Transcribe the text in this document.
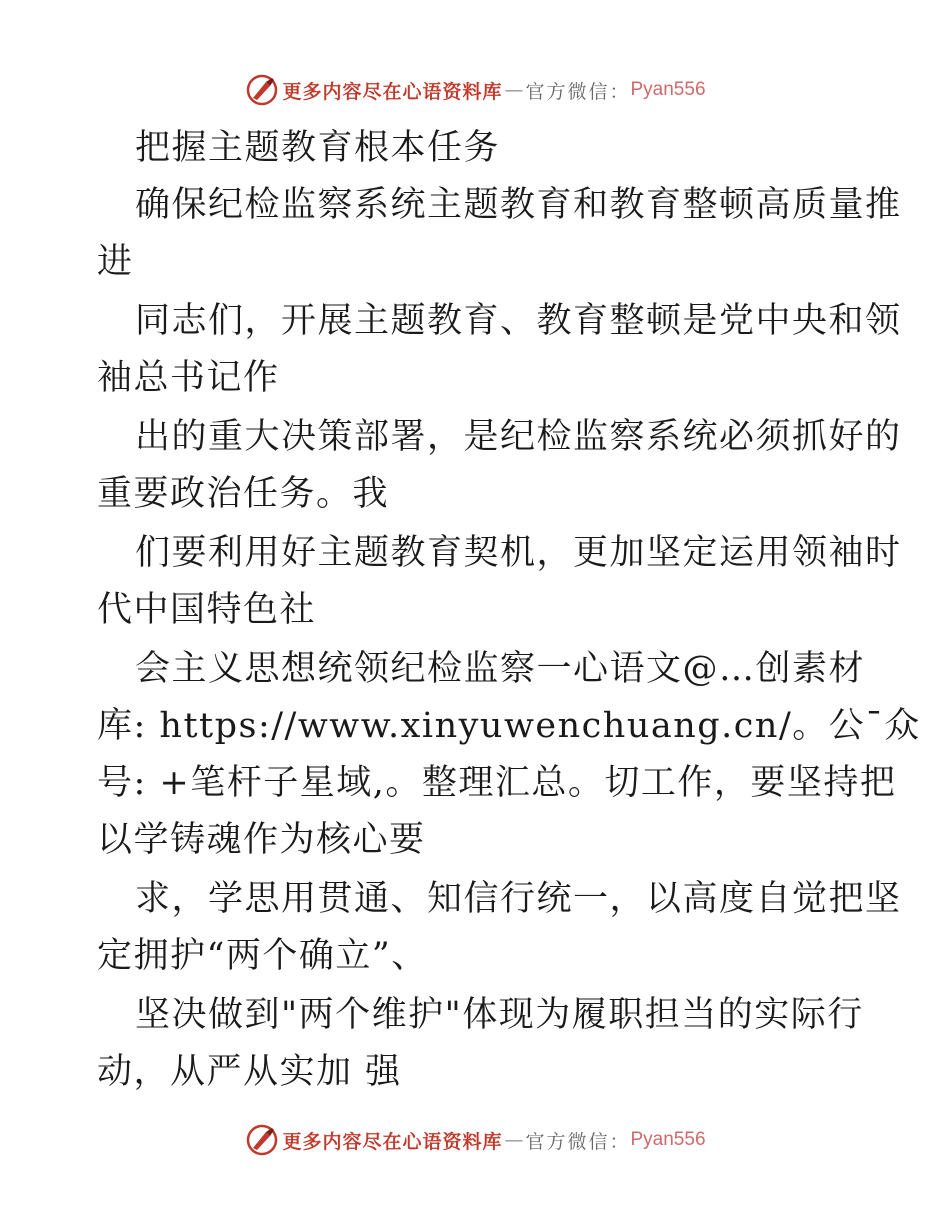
更多内容尽在心语资料库 — 官方微信： Pyan556
把握主题教育根本任务
确保纪检监察系统主题教育和教育整顿高质量推
进
同志们，开展主题教育、教育整顿是党中央和领
袖总书记作
出的重大决策部署，是纪检监察系统必须抓好的
重要政治任务。我
们要利用好主题教育契机，更加坚定运用领袖时
代中国特色社
会主义思想统领纪检监察一心语文@…创素材
库: https://www.xinyuwenchuang.cn/。公¯众
号: +笔杆子星域,。整理汇总。切工作，要坚持把
以学铸魂作为核心要
求，学思用贯通、知信行统一，以高度自觉把坚
定拥护“两个确立”、
坚决做到"两个维护"体现为履职担当的实际行
动，从严从实加 强
更多内容尽在心语资料库 — 官方微信： Pyan556
